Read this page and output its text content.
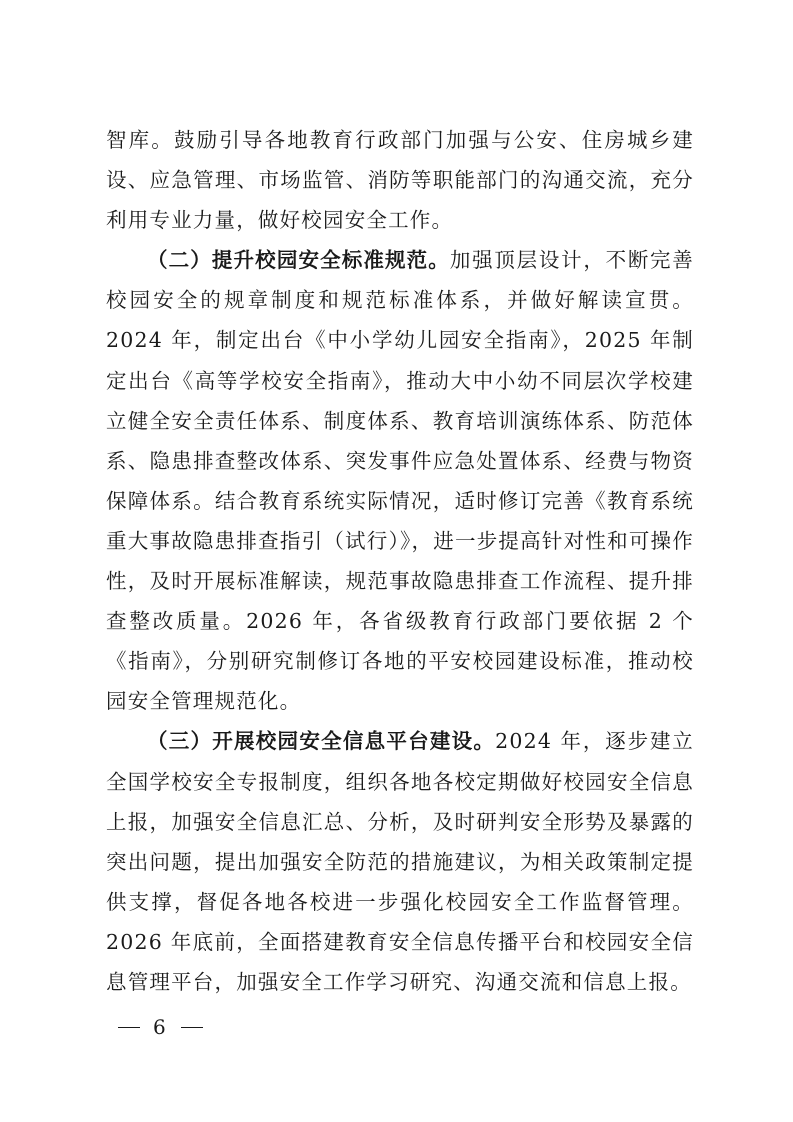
智库。鼓励引导各地教育行政部门加强与公安、住房城乡建设、应急管理、市场监管、消防等职能部门的沟通交流，充分利用专业力量，做好校园安全工作。

（二）提升校园安全标准规范。加强顶层设计，不断完善校园安全的规章制度和规范标准体系，并做好解读宣贯。2024 年，制定出台《中小学幼儿园安全指南》，2025 年制定出台《高等学校安全指南》，推动大中小幼不同层次学校建立健全安全责任体系、制度体系、教育培训演练体系、防范体系、隐患排查整改体系、突发事件应急处置体系、经费与物资保障体系。结合教育系统实际情况，适时修订完善《教育系统重大事故隐患排查指引（试行）》，进一步提高针对性和可操作性，及时开展标准解读，规范事故隐患排查工作流程、提升排查整改质量。2026 年，各省级教育行政部门要依据 2 个《指南》，分别研究制修订各地的平安校园建设标准，推动校园安全管理规范化。

（三）开展校园安全信息平台建设。2024 年，逐步建立全国学校安全专报制度，组织各地各校定期做好校园安全信息上报，加强安全信息汇总、分析，及时研判安全形势及暴露的突出问题，提出加强安全防范的措施建议，为相关政策制定提供支撑，督促各地各校进一步强化校园安全工作监督管理。2026 年底前，全面搭建教育安全信息传播平台和校园安全信息管理平台，加强安全工作学习研究、沟通交流和信息上报。

6
